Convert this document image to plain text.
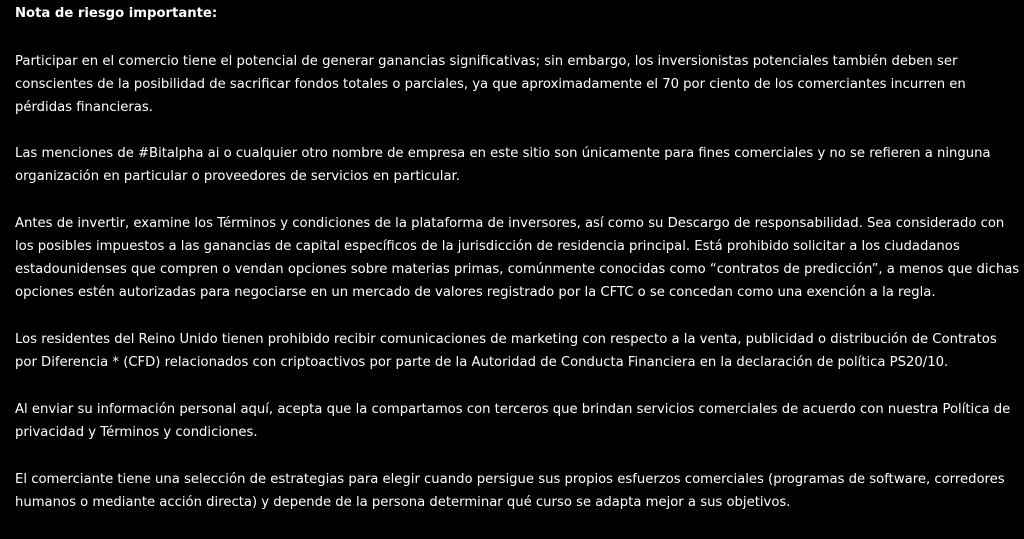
Nota de riesgo importante:

Participar en el comercio tiene el potencial de generar ganancias significativas; sin embargo, los inversionistas potenciales también deben ser conscientes de la posibilidad de sacrificar fondos totales o parciales, ya que aproximadamente el 70 por ciento de los comerciantes incurren en pérdidas financieras.

Las menciones de #Bitalpha ai o cualquier otro nombre de empresa en este sitio son únicamente para fines comerciales y no se refieren a ninguna organización en particular o proveedores de servicios en particular.

Antes de invertir, examine los Términos y condiciones de la plataforma de inversores, así como su Descargo de responsabilidad. Sea considerado con los posibles impuestos a las ganancias de capital específicos de la jurisdicción de residencia principal. Está prohibido solicitar a los ciudadanos estadounidenses que compren o vendan opciones sobre materias primas, comúnmente conocidas como “contratos de predicción”, a menos que dichas opciones estén autorizadas para negociarse en un mercado de valores registrado por la CFTC o se concedan como una exención a la regla.

Los residentes del Reino Unido tienen prohibido recibir comunicaciones de marketing con respecto a la venta, publicidad o distribución de Contratos por Diferencia * (CFD) relacionados con criptoactivos por parte de la Autoridad de Conducta Financiera en la declaración de política PS20/10.

Al enviar su información personal aquí, acepta que la compartamos con terceros que brindan servicios comerciales de acuerdo con nuestra Política de privacidad y Términos y condiciones.

El comerciante tiene una selección de estrategias para elegir cuando persigue sus propios esfuerzos comerciales (programas de software, corredores humanos o mediante acción directa) y depende de la persona determinar qué curso se adapta mejor a sus objetivos.
